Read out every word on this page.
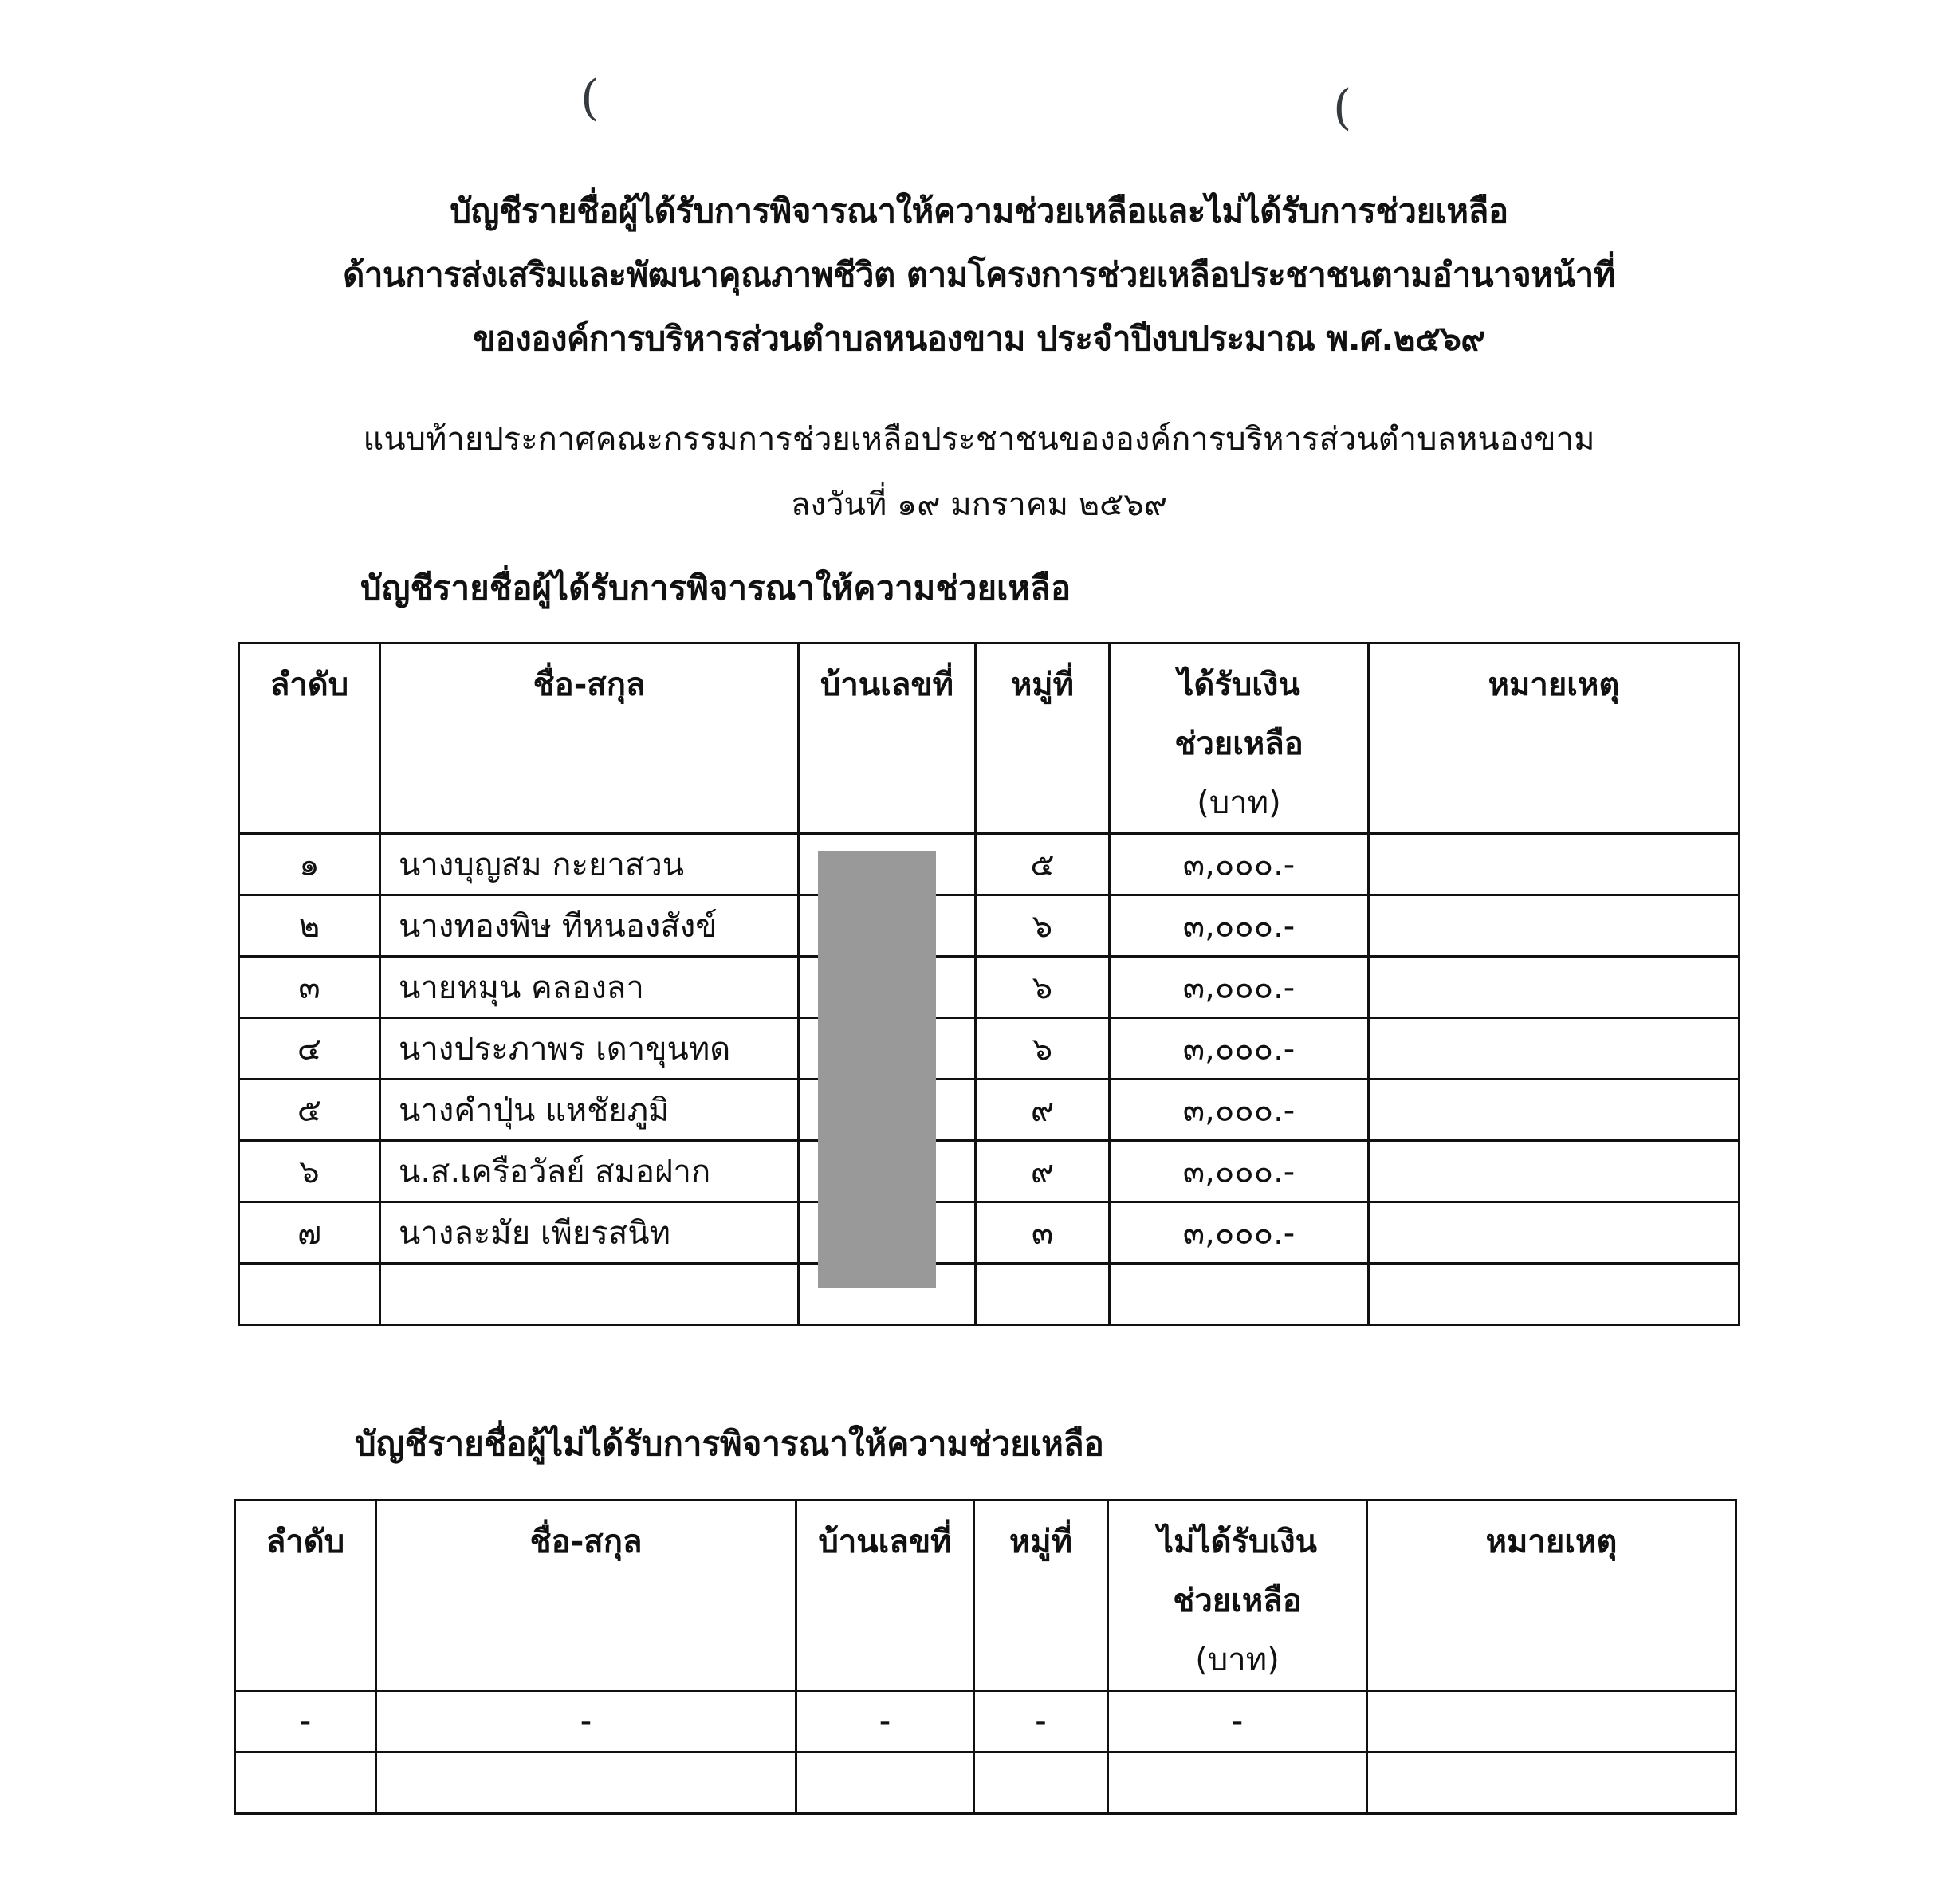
(	(
บัญชีรายชื่อผู้ได้รับการพิจารณาให้ความช่วยเหลือและไม่ได้รับการช่วยเหลือ
ด้านการส่งเสริมและพัฒนาคุณภาพชีวิต ตามโครงการช่วยเหลือประชาชนตามอำนาจหน้าที่
ขององค์การบริหารส่วนตำบลหนองขาม ประจำปีงบประมาณ พ.ศ.๒๕๖๙
แนบท้ายประกาศคณะกรรมการช่วยเหลือประชาชนขององค์การบริหารส่วนตำบลหนองขาม
ลงวันที่ ๑๙ มกราคม ๒๕๖๙
บัญชีรายชื่อผู้ได้รับการพิจารณาให้ความช่วยเหลือ
ลำดับ	ชื่อ-สกุล	บ้านเลขที่	หมู่ที่	ได้รับเงิน
ช่วยเหลือ
(บาท)	หมายเหตุ
๑	นางบุญสม กะยาสวน		๕	๓,๐๐๐.-	
๒	นางทองพิษ ทีหนองสังข์		๖	๓,๐๐๐.-	
๓	นายหมุน คลองลา		๖	๓,๐๐๐.-	
๔	นางประภาพร เดาขุนทด		๖	๓,๐๐๐.-	
๕	นางคำปุ่น แหชัยภูมิ		๙	๓,๐๐๐.-	
๖	น.ส.เครือวัลย์ สมอฝาก		๙	๓,๐๐๐.-	
๗	นางละมัย เพียรสนิท		๓	๓,๐๐๐.-	

บัญชีรายชื่อผู้ไม่ได้รับการพิจารณาให้ความช่วยเหลือ
ลำดับ	ชื่อ-สกุล	บ้านเลขที่	หมู่ที่	ไม่ได้รับเงิน
ช่วยเหลือ
(บาท)	หมายเหตุ
-	-	-	-	-	
